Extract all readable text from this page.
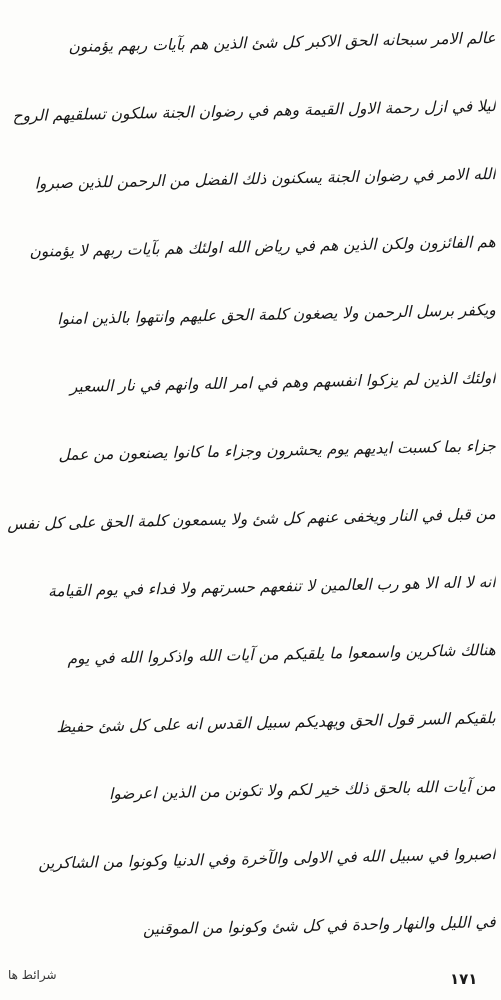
عالم الامر سبحانه الحق الاكبر كل شئ الذين هم بآيات ربهم يؤمنون
ليلا في ازل رحمة الاول القيمة وهم في رضوان الجنة سلكون تسلقيهم الروح
الله الامر في رضوان الجنة يسكنون ذلك الفضل من الرحمن للذين صبروا
هم الفائزون ولكن الذين هم في رياض الله اولئك هم بآيات ربهم لا يؤمنون
ويكفر برسل الرحمن ولا يصغون كلمة الحق عليهم وانتهوا بالذين امنوا
اولئك الذين لم يزكوا انفسهم وهم في امر الله وانهم في نار السعير
جزاء بما كسبت ايديهم يوم يحشرون وجزاء ما كانوا يصنعون من عمل
من قبل في النار ويخفى عنهم كل شئ ولا يسمعون كلمة الحق على كل نفس
انه لا اله الا هو رب العالمين لا تنفعهم حسرتهم ولا فداء في يوم القيامة
هنالك شاكرين واسمعوا ما يلقيكم من آيات الله واذكروا الله في يوم
بلقيكم السر قول الحق ويهديكم سبيل القدس انه على كل شئ حفيظ
من آيات الله بالحق ذلك خير لكم ولا تكونن من الذين اعرضوا
اصبروا في سبيل الله في الاولى والآخرة وفي الدنيا وكونوا من الشاكرين
في الليل والنهار واحدة في كل شئ وكونوا من الموقنين
شرائط ها	١٧١
